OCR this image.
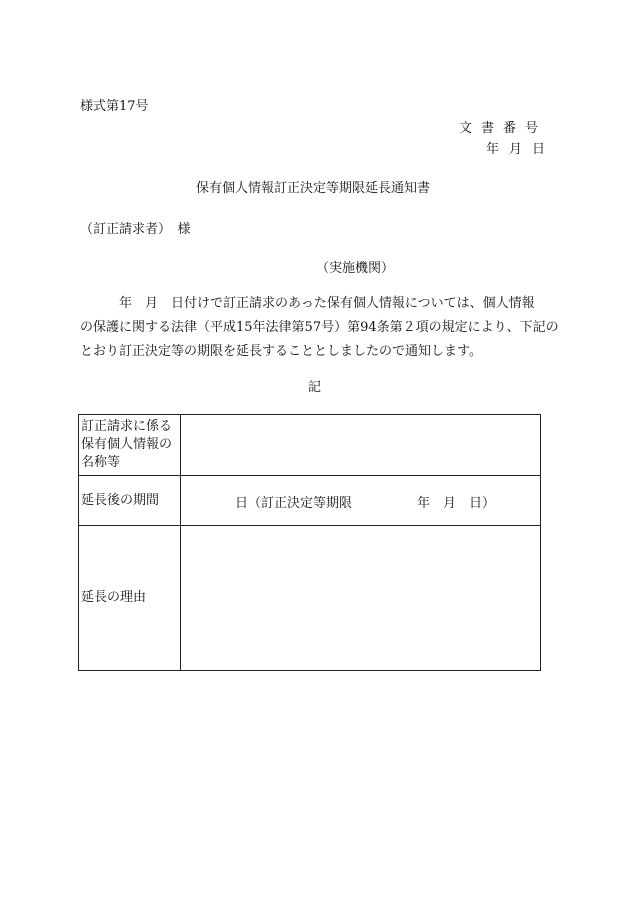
様式第17号
文書番号
年月日
保有個人情報訂正決定等期限延長通知書
（訂正請求者）　様
（実施機関）
年　月　日付けで訂正請求のあった保有個人情報については、個人情報
の保護に関する法律（平成15年法律第57号）第94条第２項の規定により、下記の
とおり訂正決定等の期限を延長することとしましたので通知します。
記
訂正請求に係る
保有個人情報の
名称等	

延長後の期間	日（訂正決定等期限　　　　　年　月　日）

延長の理由	
